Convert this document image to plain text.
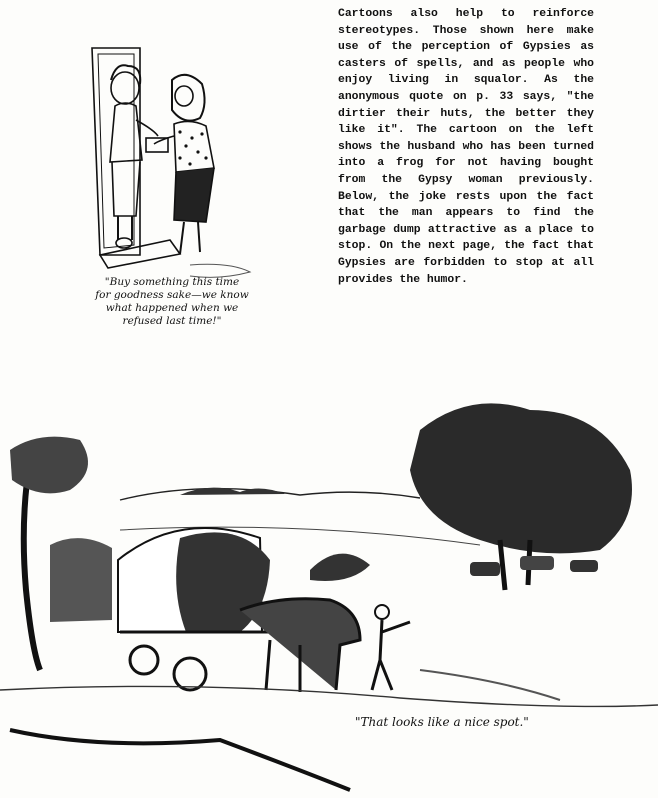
"Buy something this time
for goodness sake—we know
what happened when we
refused last time!"
Cartoons also help to reinforce stereotypes. Those shown here make use of the perception of Gypsies as casters of spells, and as people who enjoy living in squalor. As the anonymous quote on p. 33 says, "the dirtier their huts, the better they like it". The cartoon on the left shows the husband who has been turned into a frog for not having bought from the Gypsy woman previously. Below, the joke rests upon the fact that the man appears to find the garbage dump attractive as a place to stop. On the next page, the fact that Gypsies are forbidden to stop at all provides the humor.
"That looks like a nice spot."
